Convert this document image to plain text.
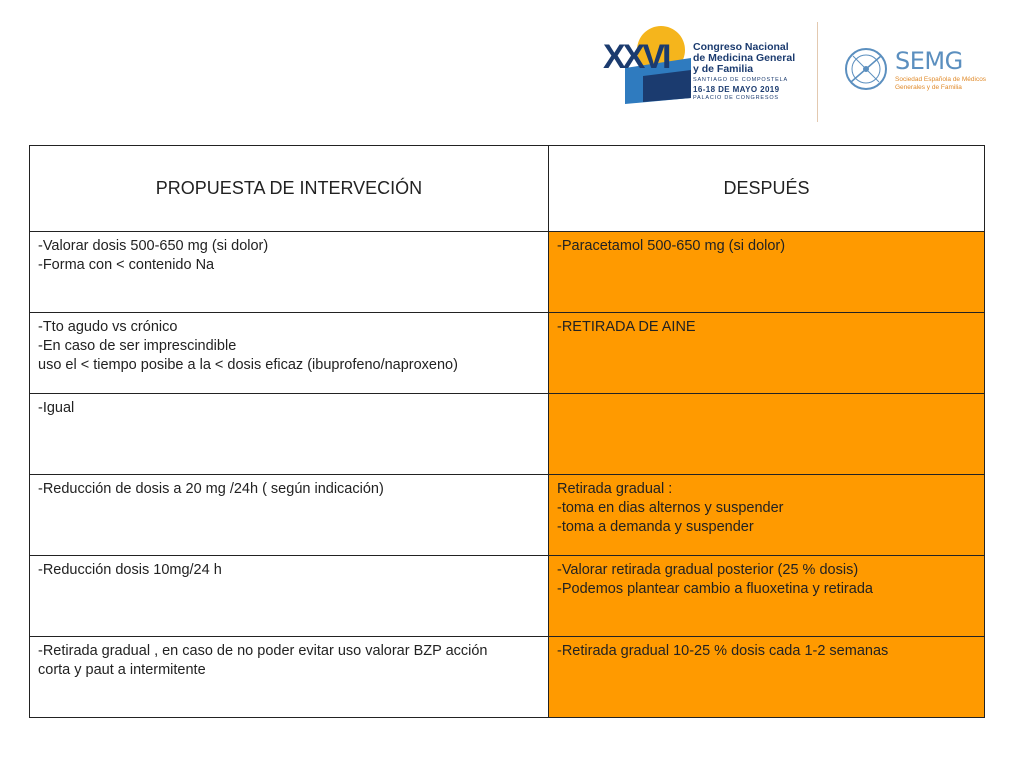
XXVI Congreso Nacional
de Medicina General
y de Familia
SANTIAGO DE COMPOSTELA
16-18 DE MAYO 2019
PALACIO DE CONGRESOS
SEMG
Sociedad Española de Médicos
Generales y de Familia
PROPUESTA DE INTERVECIÓN	DESPUÉS

-Valorar dosis 500-650 mg (si dolor)
-Forma con < contenido Na	-Paracetamol 500-650 mg (si dolor)

-Tto agudo vs crónico
-En caso de ser imprescindible
uso el < tiempo posibe a la < dosis eficaz (ibuprofeno/naproxeno)	-RETIRADA DE AINE

-Igual	

-Reducción de dosis a 20 mg /24h ( según indicación)	Retirada gradual :
-toma en dias alternos y suspender
-toma a demanda y suspender

-Reducción dosis 10mg/24 h	-Valorar retirada gradual posterior (25 % dosis)
-Podemos plantear cambio a fluoxetina y retirada

-Retirada gradual , en caso de no poder evitar uso valorar BZP acción
corta y paut a intermitente	-Retirada gradual 10-25 % dosis cada 1-2 semanas
